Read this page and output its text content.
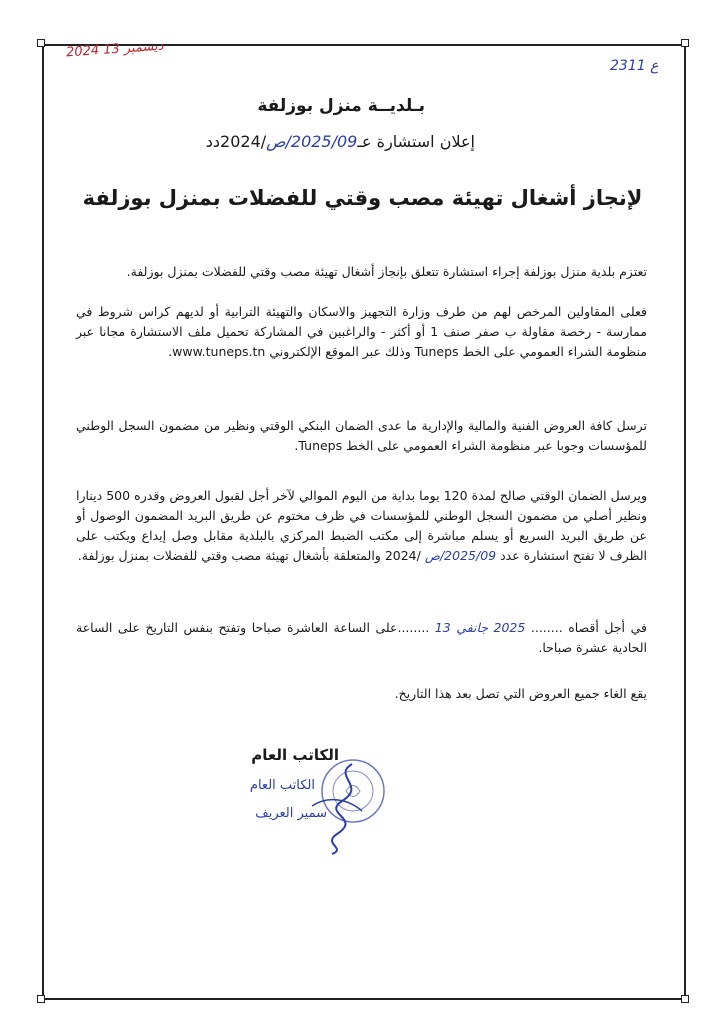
2024 ديسمبر 13
2311 ع
بـلديــة منزل بوزلفة
إعلان استشارة عـ2025/09/ص/2024دد
لإنجاز أشغال تهيئة مصب وقتي للفضلات بمنزل بوزلفة
تعتزم بلدية منزل بوزلفة إجراء استشارة تتعلق بإنجاز أشغال تهيئة مصب وقتي للفضلات بمنزل بوزلفة.
فعلى المقاولين المرخص لهم من طرف وزارة التجهيز والاسكان والتهيئة الترابية أو لديهم كراس شروط في ممارسة - رخصة مقاولة ب صفر صنف 1 أو أكثر - والراغبين في المشاركة تحميل ملف الاستشارة مجانا عبر منظومة الشراء العمومي على الخط Tuneps وذلك عبر الموقع الإلكتروني www.tuneps.tn.
ترسل كافة العروض الفنية والمالية والإدارية ما عدى الضمان البنكي الوقتي ونظير من مضمون السجل الوطني للمؤسسات وجوبا عبر منظومة الشراء العمومي على الخط Tuneps.
ويرسل الضمان الوقتي صالح لمدة 120 يوما بداية من اليوم الموالي لآخر أجل لقبول العروض وقدره 500 دينارا ونظير أصلي من مضمون السجل الوطني للمؤسسات في ظرف مختوم عن طريق البريد المضمون الوصول أو عن طريق البريد السريع أو يسلم مباشرة إلى مكتب الضبط المركزي بالبلدية مقابل وصل إيداع ويكتب على الظرف لا تفتح استشارة عدد 2025/09/ص /2024 والمتعلقة بأشغال تهيئة مصب وقتي للفضلات بمنزل بوزلفة.
في أجل أقصاه ........ 2025 جانفي 13 ........على الساعة العاشرة صباحا وتفتح بنفس التاريخ على الساعة الحادية عشرة صباحا.
يقع الغاء جميع العروض التي تصل بعد هذا التاريخ.
الكاتب العام
الكاتب العام
سمير العريف
